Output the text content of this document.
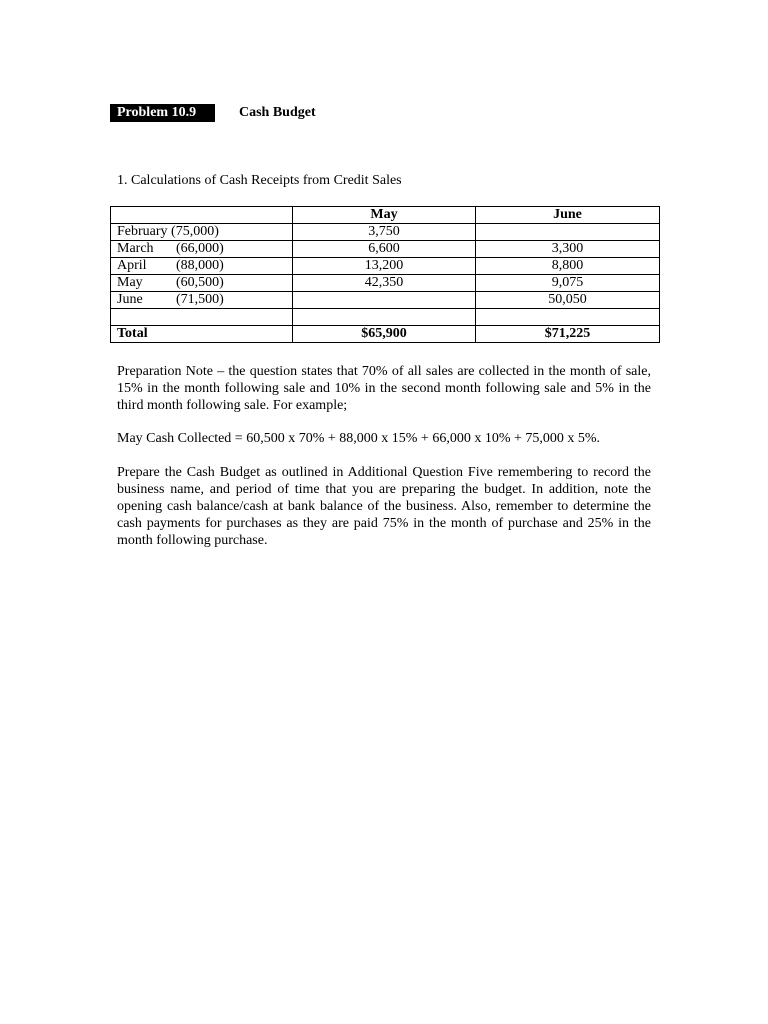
Problem 10.9	Cash Budget
1. Calculations of Cash Receipts from Credit Sales
	May	June
February (75,000)	3,750	
March (66,000)	6,600	3,300
April (88,000)	13,200	8,800
May (60,500)	42,350	9,075
June (71,500)		50,050

Total	$65,900	$71,225

Preparation Note – the question states that 70% of all sales are collected in the month of sale, 15% in the month following sale and 10% in the second month following sale and 5% in the third month following sale. For example;

May Cash Collected = 60,500 x 70% + 88,000 x 15% + 66,000 x 10% + 75,000 x 5%.

Prepare the Cash Budget as outlined in Additional Question Five remembering to record the business name, and period of time that you are preparing the budget. In addition, note the opening cash balance/cash at bank balance of the business. Also, remember to determine the cash payments for purchases as they are paid 75% in the month of purchase and 25% in the month following purchase.
